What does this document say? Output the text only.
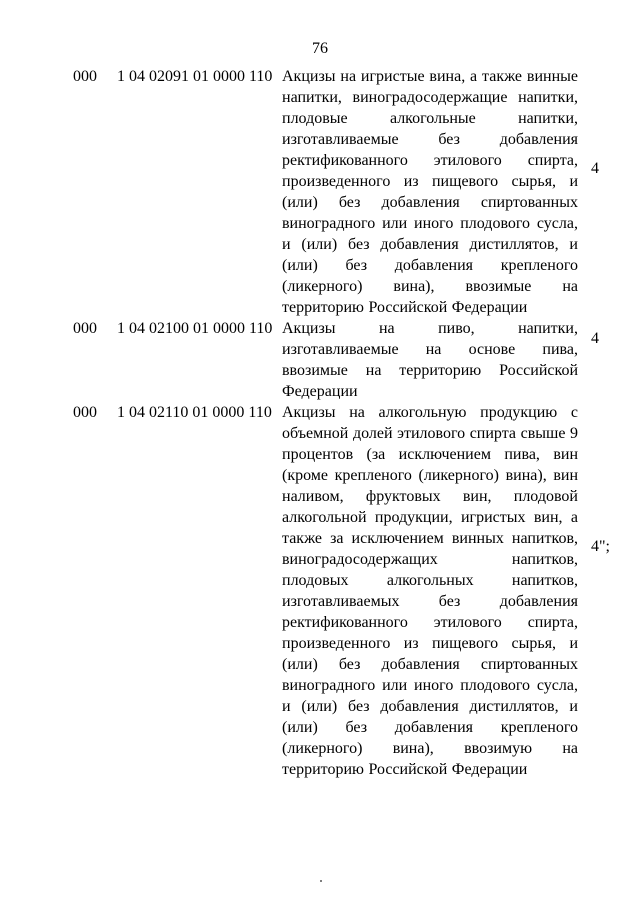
76
000 1 04 02091 01 0000 110 Акцизы на игристые вина, а также винные напитки, виноградосодержащие напитки, плодовые алкогольные напитки, изготавливаемые без добавления ректификованного этилового спирта, произведенного из пищевого сырья, и (или) без добавления спиртованных виноградного или иного плодового сусла, и (или) без добавления дистиллятов, и (или) без добавления крепленого (ликерного) вина), ввозимые на территорию Российской Федерации
4
000 1 04 02100 01 0000 110 Акцизы на пиво, напитки, изготавливаемые на основе пива, ввозимые на территорию Российской Федерации
4
000 1 04 02110 01 0000 110 Акцизы на алкогольную продукцию с объемной долей этилового спирта свыше 9 процентов (за исключением пива, вин (кроме крепленого (ликерного) вина), вин наливом, фруктовых вин, плодовой алкогольной продукции, игристых вин, а также за исключением винных напитков, виноградосодержащих напитков, плодовых алкогольных напитков, изготавливаемых без добавления ректификованного этилового спирта, произведенного из пищевого сырья, и (или) без добавления спиртованных виноградного или иного плодового сусла, и (или) без добавления дистиллятов, и (или) без добавления крепленого (ликерного) вина), ввозимую на территорию Российской Федерации
4";
